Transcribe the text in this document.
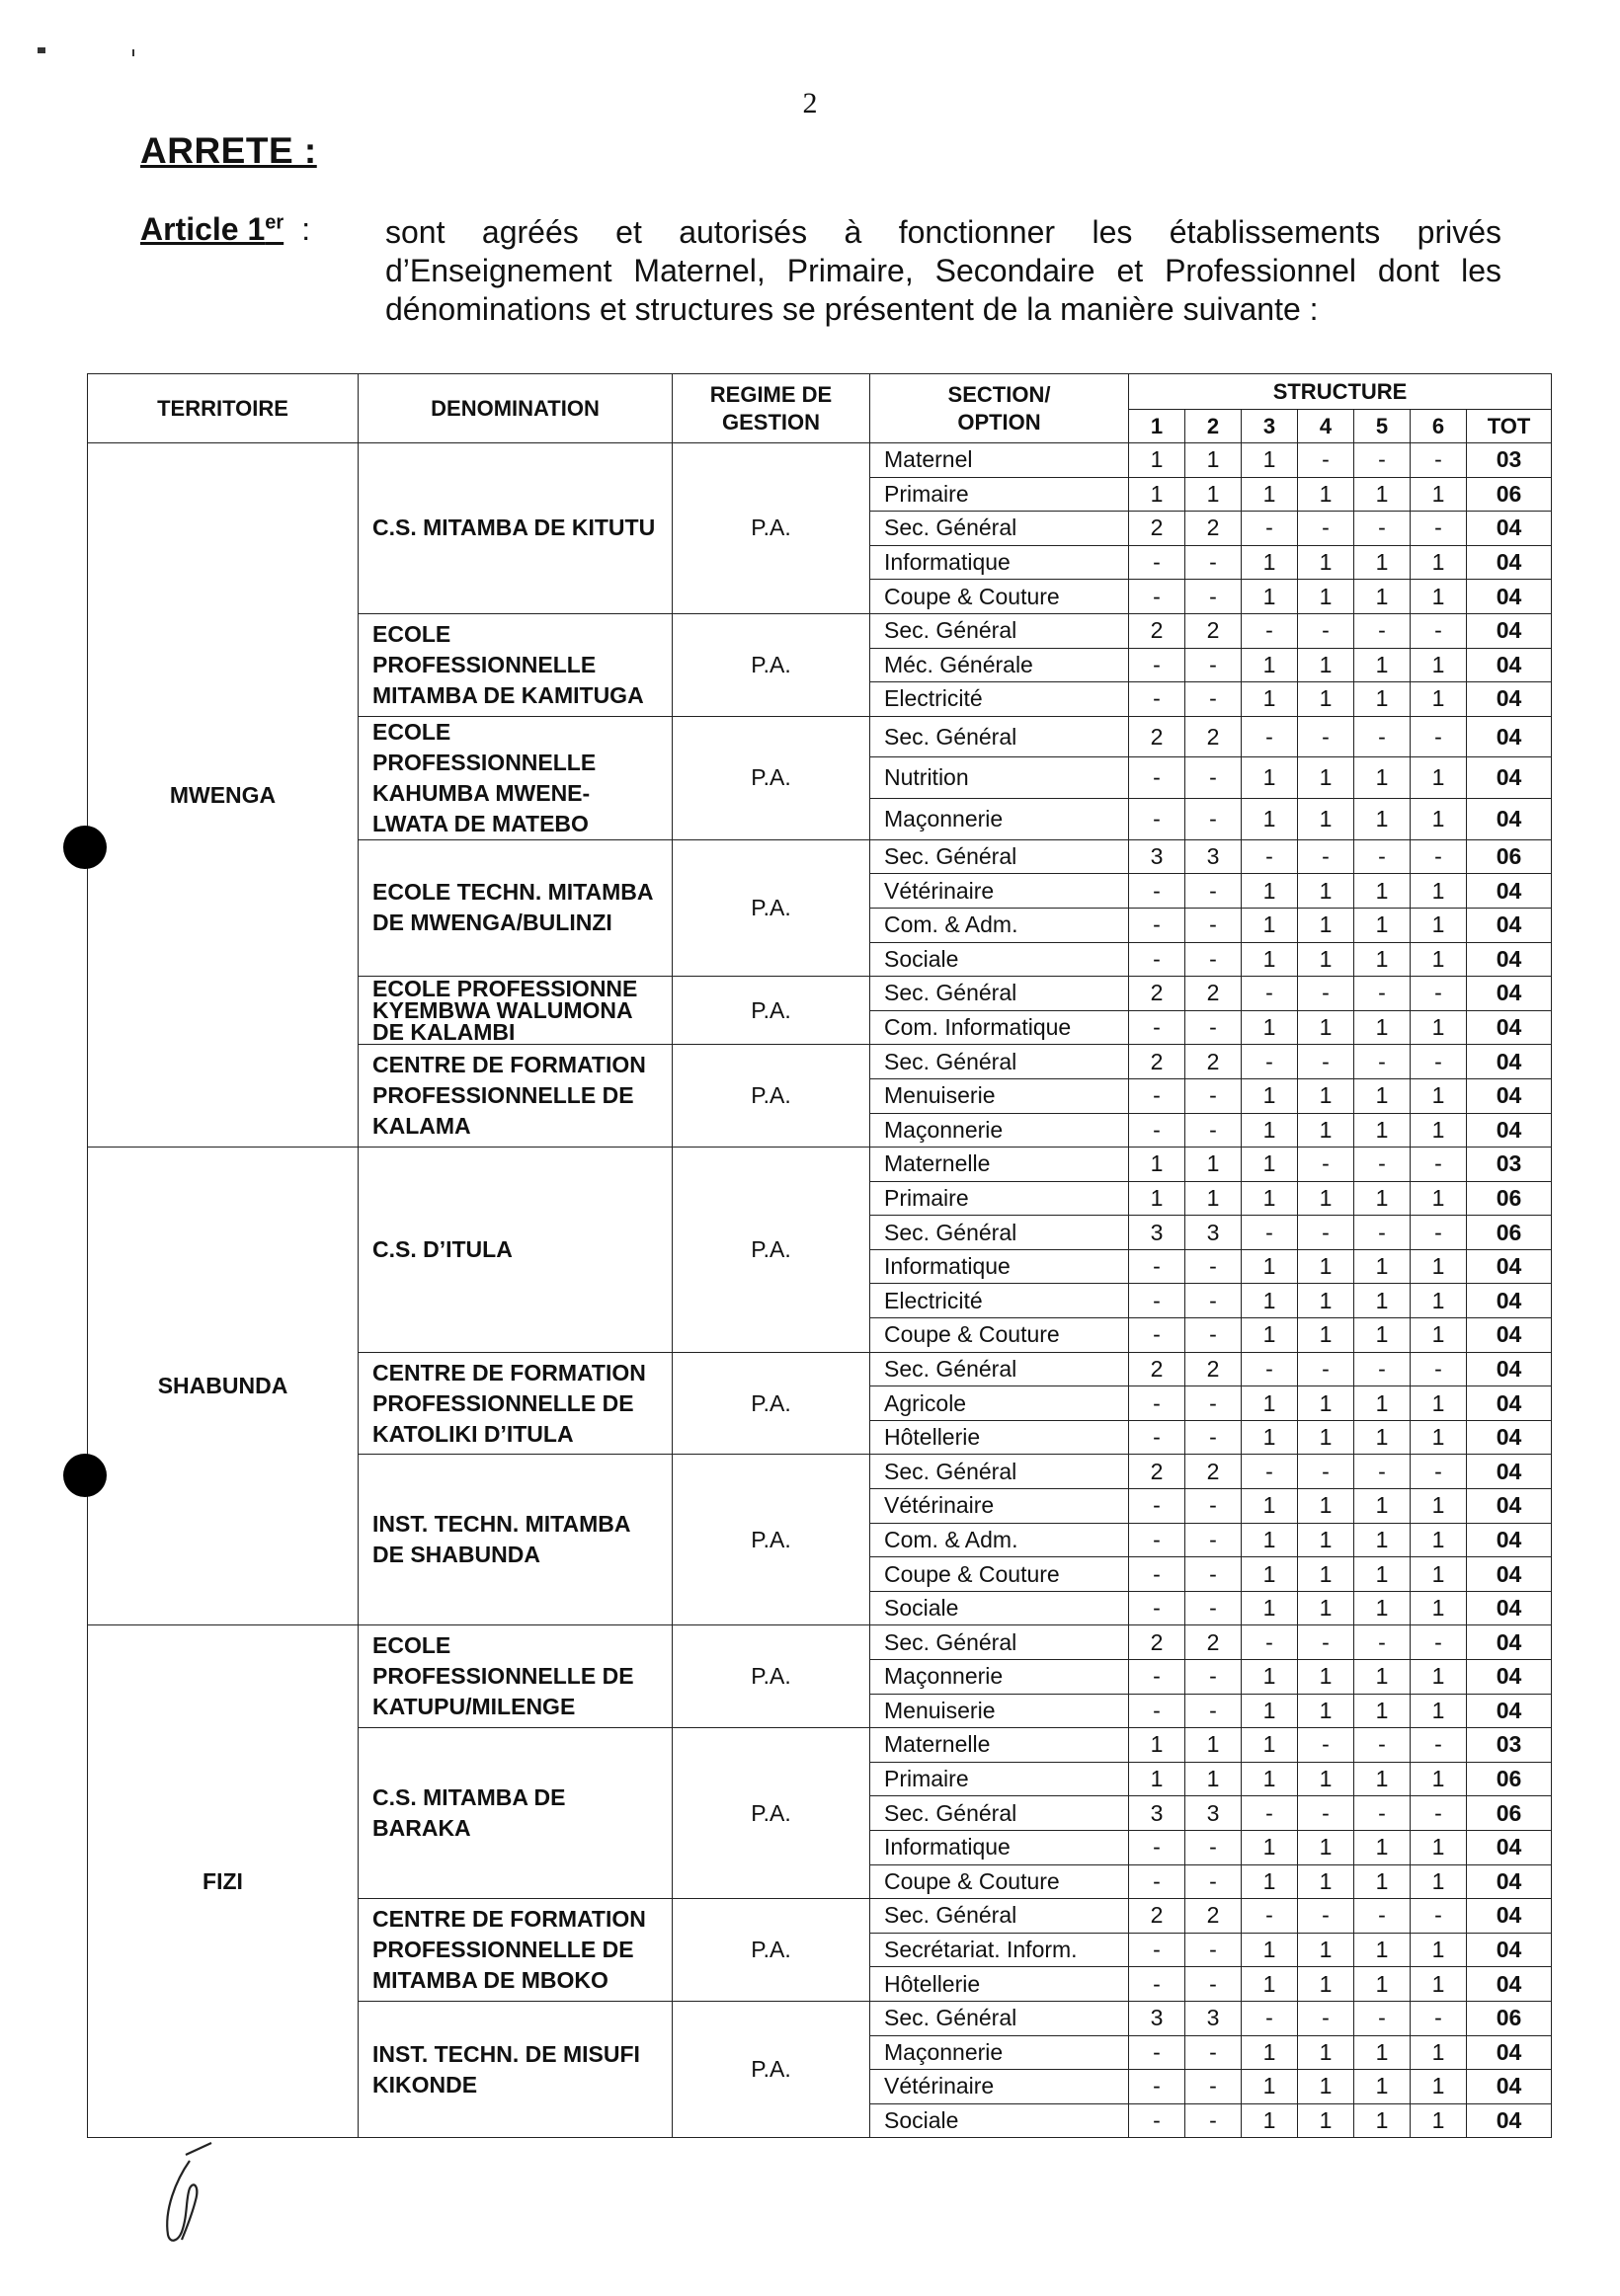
2
ARRETE :
Article 1er : sont agréés et autorisés à fonctionner les établissements privés
d’Enseignement Maternel, Primaire, Secondaire et Professionnel dont les
dénominations et structures se présentent de la manière suivante :
TERRITOIRE	DENOMINATION	REGIME DE GESTION	SECTION/ OPTION	STRUCTURE						
				1	2	3	4	5	6	TOT
MWENGA	C.S. MITAMBA DE KITUTU	P.A.	Maternel	1	1	1	-	-	-	03
			Primaire	1	1	1	1	1	1	06
			Sec. Général	2	2	-	-	-	-	04
			Informatique	-	-	1	1	1	1	04
			Coupe & Couture	-	-	1	1	1	1	04
	ECOLE PROFESSIONNELLE MITAMBA DE KAMITUGA	P.A.	Sec. Général	2	2	-	-	-	-	04
			Méc. Générale	-	-	1	1	1	1	04
			Electricité	-	-	1	1	1	1	04
	ECOLE PROFESSIONNELLE KAHUMBA MWENE-LWATA DE MATEBO	P.A.	Sec. Général	2	2	-	-	-	-	04
			Nutrition	-	-	1	1	1	1	04
			Maçonnerie	-	-	1	1	1	1	04
	ECOLE TECHN. MITAMBA DE MWENGA/BULINZI	P.A.	Sec. Général	3	3	-	-	-	-	06
			Vétérinaire	-	-	1	1	1	1	04
			Com. & Adm.	-	-	1	1	1	1	04
			Sociale	-	-	1	1	1	1	04
	ECOLE PROFESSIONNE KYEMBWA WALUMONA DE KALAMBI	P.A.	Sec. Général	2	2	-	-	-	-	04
			Com. Informatique	-	-	1	1	1	1	04
	CENTRE DE FORMATION PROFESSIONNELLE DE KALAMA	P.A.	Sec. Général	2	2	-	-	-	-	04
			Menuiserie	-	-	1	1	1	1	04
			Maçonnerie	-	-	1	1	1	1	04
SHABUNDA	C.S. D’ITULA	P.A.	Maternelle	1	1	1	-	-	-	03
			Primaire	1	1	1	1	1	1	06
			Sec. Général	3	3	-	-	-	-	06
			Informatique	-	-	1	1	1	1	04
			Electricité	-	-	1	1	1	1	04
			Coupe & Couture	-	-	1	1	1	1	04
	CENTRE DE FORMATION PROFESSIONNELLE DE KATOLIKI D’ITULA	P.A.	Sec. Général	2	2	-	-	-	-	04
			Agricole	-	-	1	1	1	1	04
			Hôtellerie	-	-	1	1	1	1	04
	INST. TECHN. MITAMBA DE SHABUNDA	P.A.	Sec. Général	2	2	-	-	-	-	04
			Vétérinaire	-	-	1	1	1	1	04
			Com. & Adm.	-	-	1	1	1	1	04
			Coupe & Couture	-	-	1	1	1	1	04
			Sociale	-	-	1	1	1	1	04
FIZI	ECOLE PROFESSIONNELLE DE KATUPU/MILENGE	P.A.	Sec. Général	2	2	-	-	-	-	04
			Maçonnerie	-	-	1	1	1	1	04
			Menuiserie	-	-	1	1	1	1	04
	C.S. MITAMBA DE BARAKA	P.A.	Maternelle	1	1	1	-	-	-	03
			Primaire	1	1	1	1	1	1	06
			Sec. Général	3	3	-	-	-	-	06
			Informatique	-	-	1	1	1	1	04
			Coupe & Couture	-	-	1	1	1	1	04
	CENTRE DE FORMATION PROFESSIONNELLE DE MITAMBA DE MBOKO	P.A.	Sec. Général	2	2	-	-	-	-	04
			Secrétariat. Inform.	-	-	1	1	1	1	04
			Hôtellerie	-	-	1	1	1	1	04
	INST. TECHN. DE MISUFI KIKONDE	P.A.	Sec. Général	3	3	-	-	-	-	06
			Maçonnerie	-	-	1	1	1	1	04
			Vétérinaire	-	-	1	1	1	1	04
			Sociale	-	-	1	1	1	1	04
